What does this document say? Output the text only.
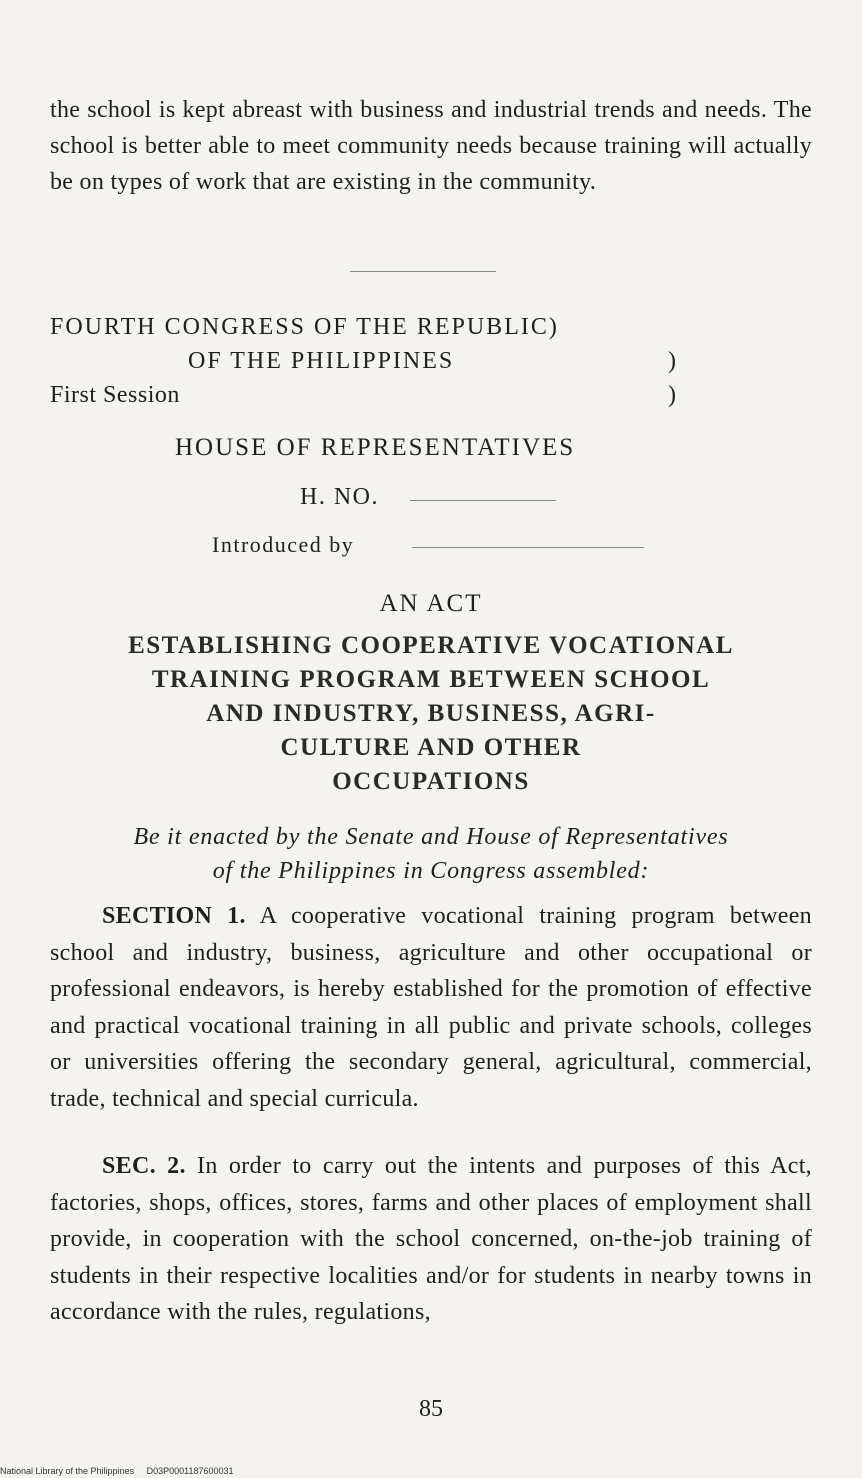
the school is kept abreast with business and industrial trends and needs. The school is better able to meet community needs because training will actually be on types of work that are existing in the community.

FOURTH CONGRESS OF THE REPUBLIC)
OF THE PHILIPPINES	)
First Session	)
HOUSE OF REPRESENTATIVES
H. NO.
Introduced by
AN ACT
ESTABLISHING COOPERATIVE VOCATIONAL
TRAINING PROGRAM BETWEEN SCHOOL
AND INDUSTRY, BUSINESS, AGRI-
CULTURE AND OTHER
OCCUPATIONS
Be it enacted by the Senate and House of Representatives
of the Philippines in Congress assembled:

SECTION 1. A cooperative vocational training program between school and industry, business, agriculture and other occupational or professional endeavors, is hereby established for the promotion of effective and practical vocational training in all public and private schools, colleges or universities offering the secondary general, agricultural, commercial, trade, technical and special curricula.

SEC. 2. In order to carry out the intents and purposes of this Act, factories, shops, offices, stores, farms and other places of employment shall provide, in cooperation with the school concerned, on-the-job training of students in their respective localities and/or for students in nearby towns in accordance with the rules, regulations,

85
National Library of the Philippines D03P0001187600031
